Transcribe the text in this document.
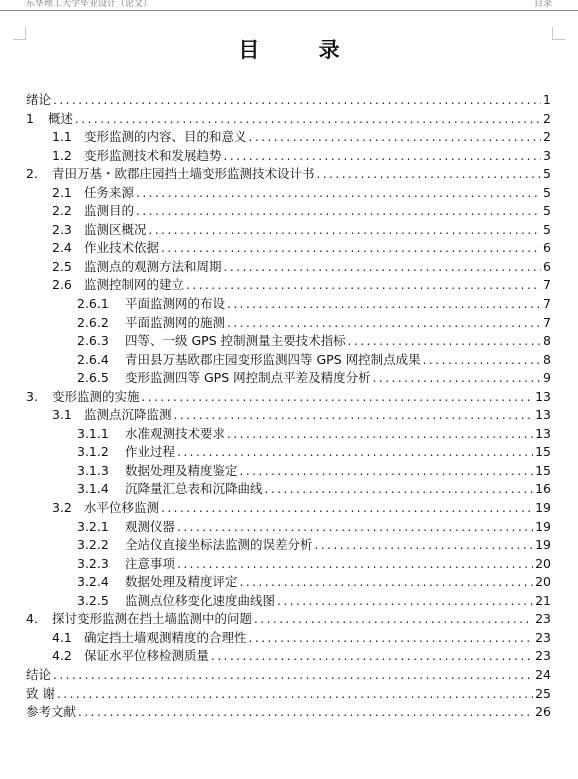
东华理工大学毕业设计（论文）	目录
目 录
绪论 .....	1
1 概述 .....	2
1.1 变形监测的内容、目的和意义 .....	2
1.2 变形监测技术和发展趋势 .....	3
2. 青田万基・欧郡庄园挡土墙变形监测技术设计书 .....	5
2.1 任务来源 .....	5
2.2 监测目的 .....	5
2.3 监测区概况 .....	5
2.4 作业技术依据 .....	6
2.5 监测点的观测方法和周期 .....	6
2.6 监测控制网的建立 .....	7
2.6.1	平面监测网的布设 .....	7
2.6.2	平面监测网的施测 .....	7
2.6.3	四等、一级 GPS 控制测量主要技术指标 .....	8
2.6.4	青田县万基欧郡庄园变形监测四等 GPS 网控制点成果 .....	8
2.6.5	变形监测四等 GPS 网控制点平差及精度分析 .....	9
3. 变形监测的实施 .....	13
3.1 监测点沉降监测 .....	13
3.1.1	水准观测技术要求 .....	13
3.1.2	作业过程 .....	15
3.1.3	数据处理及精度鉴定 .....	15
3.1.4	沉降量汇总表和沉降曲线 .....	16
3.2 水平位移监测 .....	19
3.2.1	观测仪器 .....	19
3.2.2	全站仪直接坐标法监测的误差分析 .....	19
3.2.3	注意事项 .....	20
3.2.4	数据处理及精度评定 .....	20
3.2.5	监测点位移变化速度曲线图 .....	21
4. 探讨变形监测在挡土墙监测中的问题 .....	23
4.1 确定挡土墙观测精度的合理性 .....	23
4.2 保证水平位移检测质量 .....	23
结论 .....	24
致 谢 .....	25
参考文献 .....	26
